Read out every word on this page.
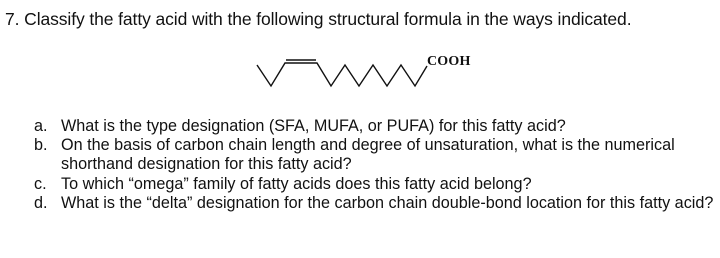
7. Classify the fatty acid with the following structural formula in the ways indicated.
COOH
a. What is the type designation (SFA, MUFA, or PUFA) for this fatty acid?
b. On the basis of carbon chain length and degree of unsaturation, what is the numerical shorthand designation for this fatty acid?
c. To which “omega” family of fatty acids does this fatty acid belong?
d. What is the “delta” designation for the carbon chain double-bond location for this fatty acid?
